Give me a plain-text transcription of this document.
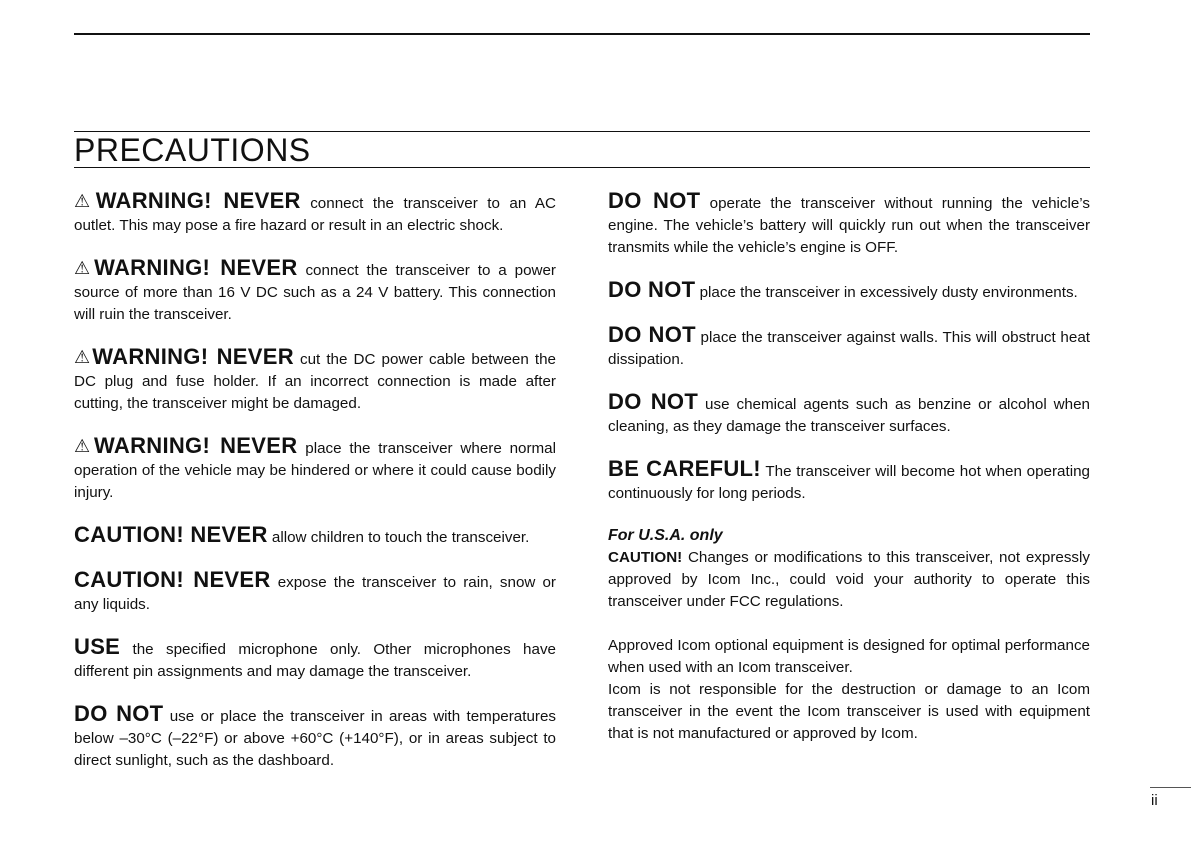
PRECAUTIONS

⚠WARNING! NEVER connect the transceiver to an AC outlet. This may pose a fire hazard or result in an electric shock.

⚠WARNING! NEVER connect the transceiver to a power source of more than 16 V DC such as a 24 V battery. This connection will ruin the transceiver.

⚠WARNING! NEVER cut the DC power cable between the DC plug and fuse holder. If an incorrect connection is made after cutting, the transceiver might be damaged.

⚠WARNING! NEVER place the transceiver where normal operation of the vehicle may be hindered or where it could cause bodily injury.

CAUTION! NEVER allow children to touch the transceiver.

CAUTION! NEVER expose the transceiver to rain, snow or any liquids.

USE the specified microphone only. Other microphones have different pin assignments and may damage the transceiver.

DO NOT use or place the transceiver in areas with temperatures below –30°C (–22°F) or above +60°C (+140°F), or in areas subject to direct sunlight, such as the dashboard.

DO NOT operate the transceiver without running the vehicle’s engine. The vehicle’s battery will quickly run out when the transceiver transmits while the vehicle’s engine is OFF.

DO NOT place the transceiver in excessively dusty environments.

DO NOT place the transceiver against walls. This will obstruct heat dissipation.

DO NOT use chemical agents such as benzine or alcohol when cleaning, as they damage the transceiver surfaces.

BE CAREFUL! The transceiver will become hot when operating continuously for long periods.

For U.S.A. only

CAUTION! Changes or modifications to this transceiver, not expressly approved by Icom Inc., could void your authority to operate this transceiver under FCC regulations.

Approved Icom optional equipment is designed for optimal performance when used with an Icom transceiver.

Icom is not responsible for the destruction or damage to an Icom transceiver in the event the Icom transceiver is used with equipment that is not manufactured or approved by Icom.

ii
